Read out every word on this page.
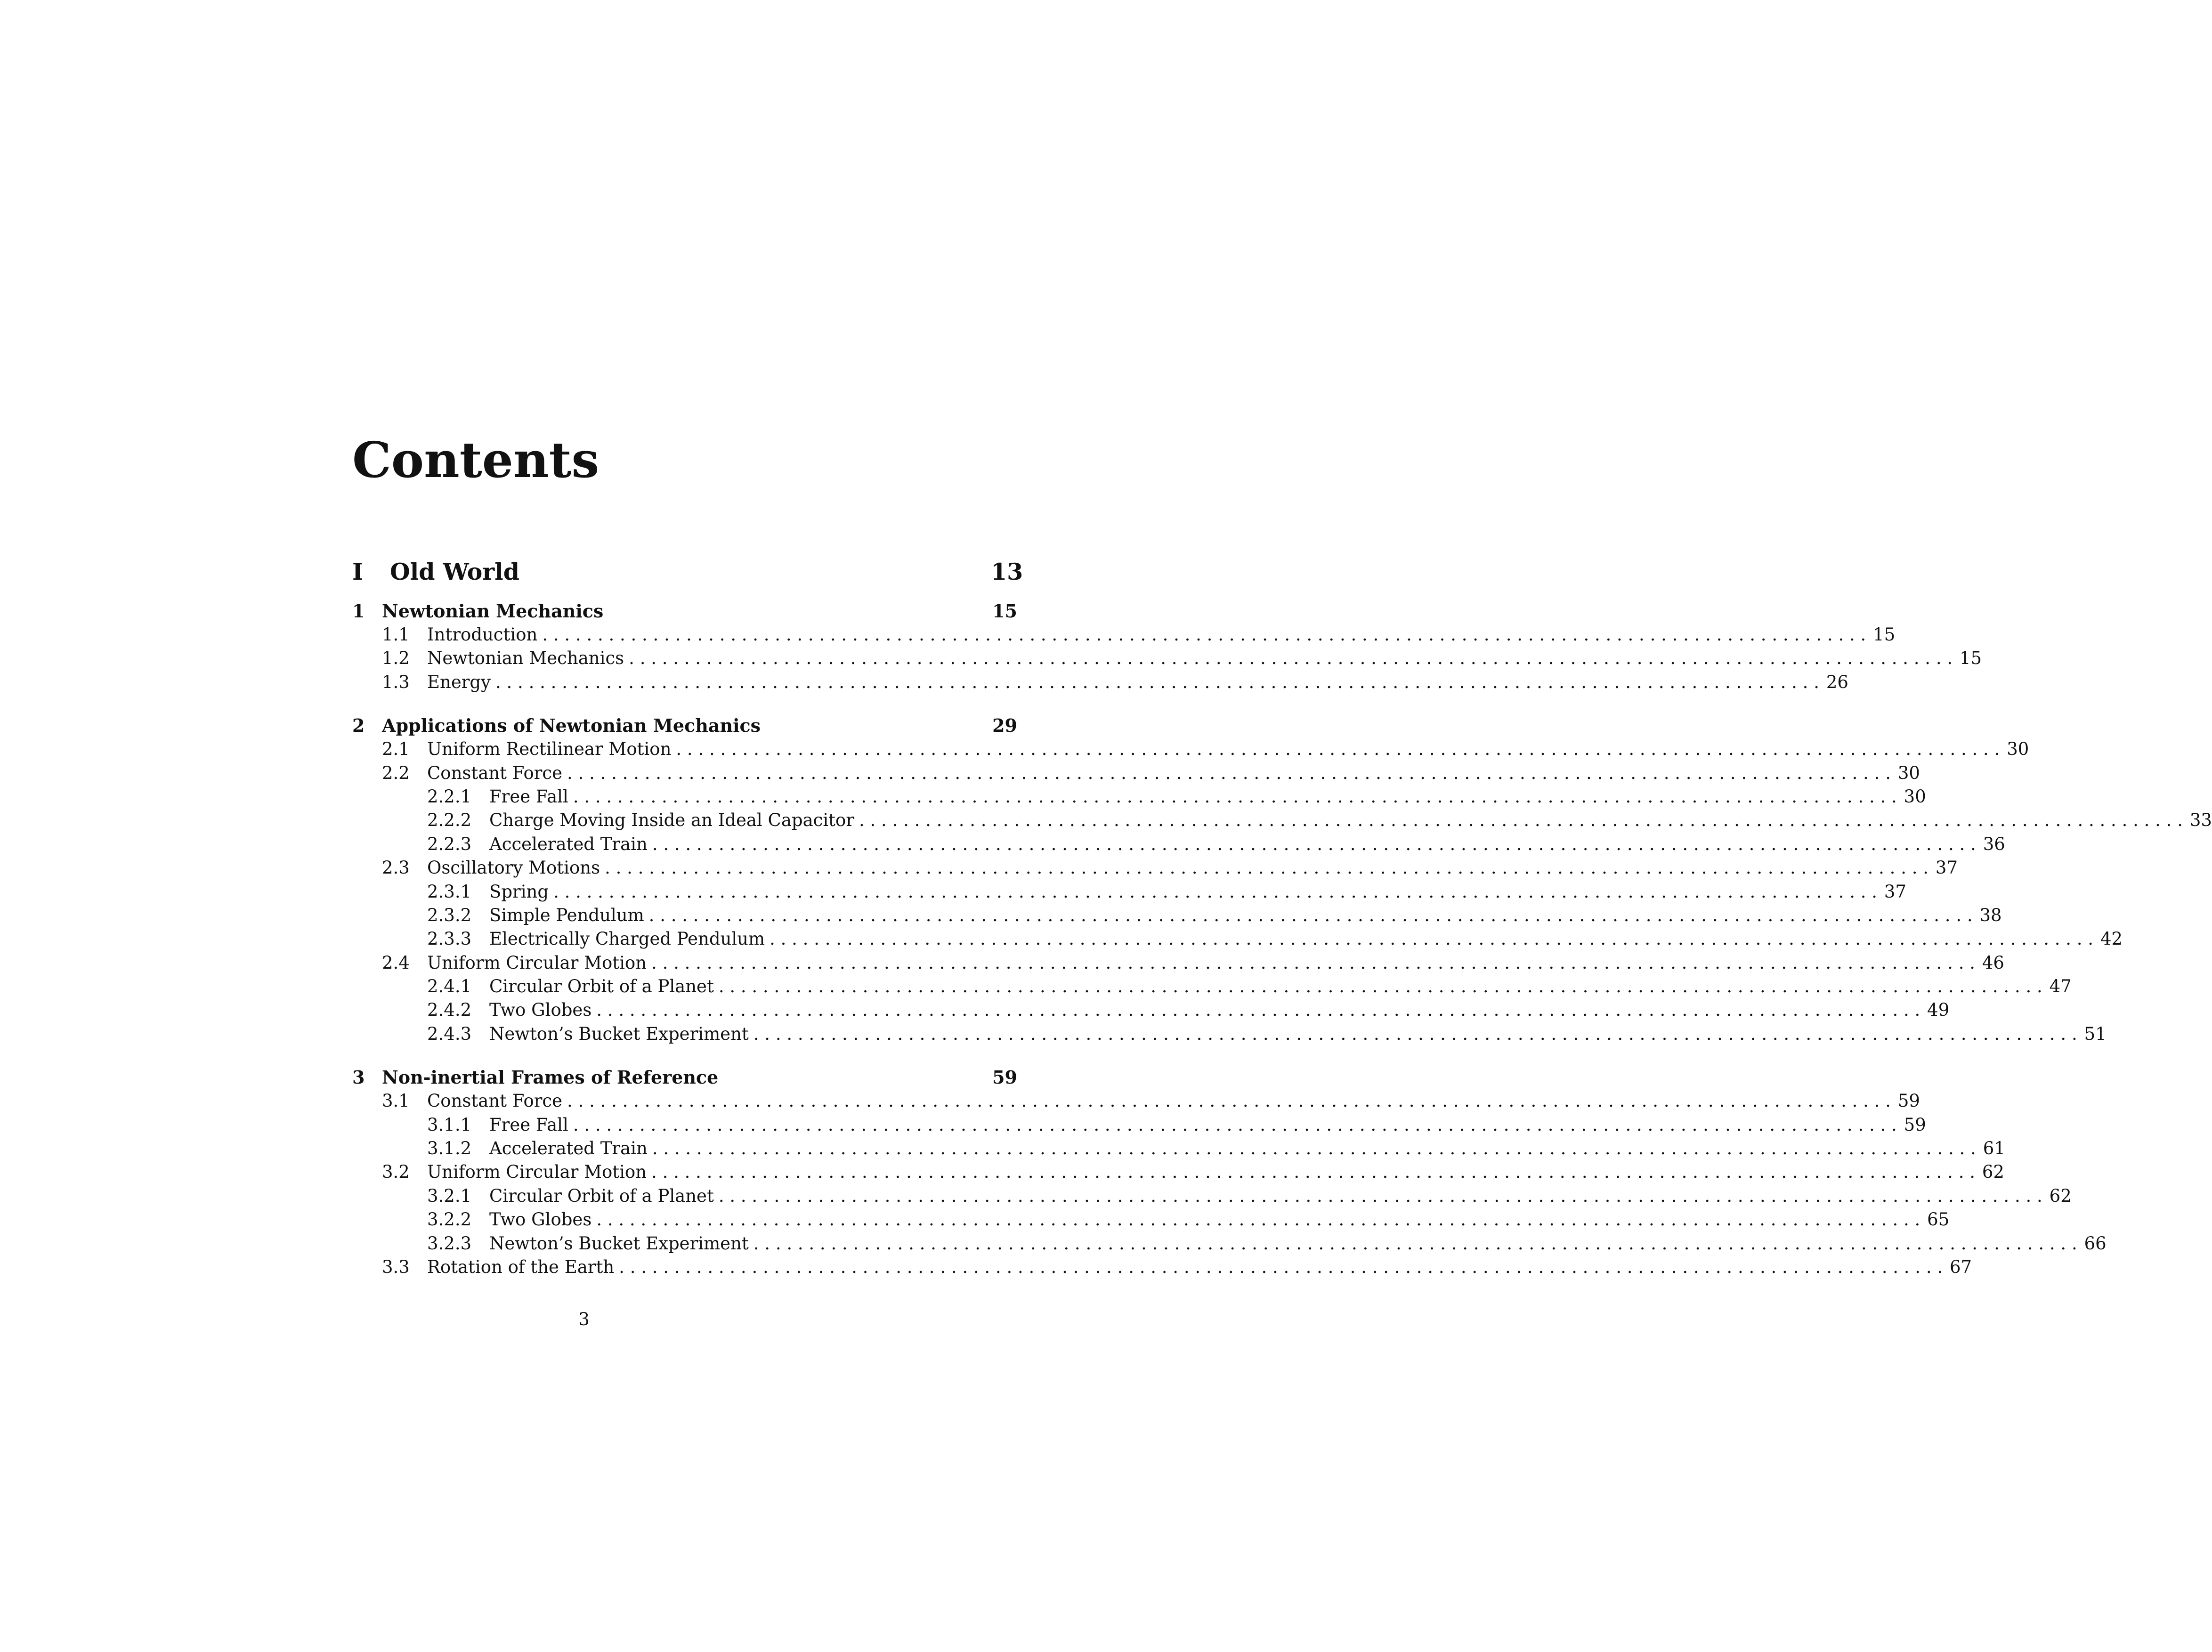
Contents
I	Old World	13
1 Newtonian Mechanics	15
1.1	Introduction . . . . . . . . . . . . . . . . . . . . . . . . . . . . . . . . . . . . . . . . . . . . . . . . . . . . . . . . . . . . . . . . . . . . . . . . . . . . . . . . . . . . . . . . . . . . . . . . . . . . . . . . . . . . . . . . . . . . . . . . 15
1.2	Newtonian Mechanics . . . . . . . . . . . . . . . . . . . . . . . . . . . . . . . . . . . . . . . . . . . . . . . . . . . . . . . . . . . . . . . . . . . . . . . . . . . . . . . . . . . . . . . . . . . . . . . . . . . . . . . . . . . . . . . . . . . . . . . . 15
1.3	Energy . . . . . . . . . . . . . . . . . . . . . . . . . . . . . . . . . . . . . . . . . . . . . . . . . . . . . . . . . . . . . . . . . . . . . . . . . . . . . . . . . . . . . . . . . . . . . . . . . . . . . . . . . . . . . . . . . . . . . . . . 26
2 Applications of Newtonian Mechanics	29
2.1	Uniform Rectilinear Motion . . . . . . . . . . . . . . . . . . . . . . . . . . . . . . . . . . . . . . . . . . . . . . . . . . . . . . . . . . . . . . . . . . . . . . . . . . . . . . . . . . . . . . . . . . . . . . . . . . . . . . . . . . . . . . . . . . . . . . . . 30
2.2	Constant Force . . . . . . . . . . . . . . . . . . . . . . . . . . . . . . . . . . . . . . . . . . . . . . . . . . . . . . . . . . . . . . . . . . . . . . . . . . . . . . . . . . . . . . . . . . . . . . . . . . . . . . . . . . . . . . . . . . . . . . . . 30
2.2.1	Free Fall . . . . . . . . . . . . . . . . . . . . . . . . . . . . . . . . . . . . . . . . . . . . . . . . . . . . . . . . . . . . . . . . . . . . . . . . . . . . . . . . . . . . . . . . . . . . . . . . . . . . . . . . . . . . . . . . . . . . . . . . 30
2.2.2	Charge Moving Inside an Ideal Capacitor . . . . . . . . . . . . . . . . . . . . . . . . . . . . . . . . . . . . . . . . . . . . . . . . . . . . . . . . . . . . . . . . . . . . . . . . . . . . . . . . . . . . . . . . . . . . . . . . . . . . . . . . . . . . . . . . . . . . . . . . 33
2.2.3	Accelerated Train . . . . . . . . . . . . . . . . . . . . . . . . . . . . . . . . . . . . . . . . . . . . . . . . . . . . . . . . . . . . . . . . . . . . . . . . . . . . . . . . . . . . . . . . . . . . . . . . . . . . . . . . . . . . . . . . . . . . . . . . 36
2.3	Oscillatory Motions . . . . . . . . . . . . . . . . . . . . . . . . . . . . . . . . . . . . . . . . . . . . . . . . . . . . . . . . . . . . . . . . . . . . . . . . . . . . . . . . . . . . . . . . . . . . . . . . . . . . . . . . . . . . . . . . . . . . . . . . 37
2.3.1	Spring . . . . . . . . . . . . . . . . . . . . . . . . . . . . . . . . . . . . . . . . . . . . . . . . . . . . . . . . . . . . . . . . . . . . . . . . . . . . . . . . . . . . . . . . . . . . . . . . . . . . . . . . . . . . . . . . . . . . . . . . 37
2.3.2	Simple Pendulum . . . . . . . . . . . . . . . . . . . . . . . . . . . . . . . . . . . . . . . . . . . . . . . . . . . . . . . . . . . . . . . . . . . . . . . . . . . . . . . . . . . . . . . . . . . . . . . . . . . . . . . . . . . . . . . . . . . . . . . . 38
2.3.3	Electrically Charged Pendulum . . . . . . . . . . . . . . . . . . . . . . . . . . . . . . . . . . . . . . . . . . . . . . . . . . . . . . . . . . . . . . . . . . . . . . . . . . . . . . . . . . . . . . . . . . . . . . . . . . . . . . . . . . . . . . . . . . . . . . . . 42
2.4	Uniform Circular Motion . . . . . . . . . . . . . . . . . . . . . . . . . . . . . . . . . . . . . . . . . . . . . . . . . . . . . . . . . . . . . . . . . . . . . . . . . . . . . . . . . . . . . . . . . . . . . . . . . . . . . . . . . . . . . . . . . . . . . . . . 46
2.4.1	Circular Orbit of a Planet . . . . . . . . . . . . . . . . . . . . . . . . . . . . . . . . . . . . . . . . . . . . . . . . . . . . . . . . . . . . . . . . . . . . . . . . . . . . . . . . . . . . . . . . . . . . . . . . . . . . . . . . . . . . . . . . . . . . . . . . 47
2.4.2	Two Globes . . . . . . . . . . . . . . . . . . . . . . . . . . . . . . . . . . . . . . . . . . . . . . . . . . . . . . . . . . . . . . . . . . . . . . . . . . . . . . . . . . . . . . . . . . . . . . . . . . . . . . . . . . . . . . . . . . . . . . . . 49
2.4.3	Newton’s Bucket Experiment . . . . . . . . . . . . . . . . . . . . . . . . . . . . . . . . . . . . . . . . . . . . . . . . . . . . . . . . . . . . . . . . . . . . . . . . . . . . . . . . . . . . . . . . . . . . . . . . . . . . . . . . . . . . . . . . . . . . . . . . 51
3 Non-inertial Frames of Reference	59
3.1	Constant Force . . . . . . . . . . . . . . . . . . . . . . . . . . . . . . . . . . . . . . . . . . . . . . . . . . . . . . . . . . . . . . . . . . . . . . . . . . . . . . . . . . . . . . . . . . . . . . . . . . . . . . . . . . . . . . . . . . . . . . . . 59
3.1.1	Free Fall . . . . . . . . . . . . . . . . . . . . . . . . . . . . . . . . . . . . . . . . . . . . . . . . . . . . . . . . . . . . . . . . . . . . . . . . . . . . . . . . . . . . . . . . . . . . . . . . . . . . . . . . . . . . . . . . . . . . . . . . 59
3.1.2	Accelerated Train . . . . . . . . . . . . . . . . . . . . . . . . . . . . . . . . . . . . . . . . . . . . . . . . . . . . . . . . . . . . . . . . . . . . . . . . . . . . . . . . . . . . . . . . . . . . . . . . . . . . . . . . . . . . . . . . . . . . . . . . 61
3.2	Uniform Circular Motion . . . . . . . . . . . . . . . . . . . . . . . . . . . . . . . . . . . . . . . . . . . . . . . . . . . . . . . . . . . . . . . . . . . . . . . . . . . . . . . . . . . . . . . . . . . . . . . . . . . . . . . . . . . . . . . . . . . . . . . . 62
3.2.1	Circular Orbit of a Planet . . . . . . . . . . . . . . . . . . . . . . . . . . . . . . . . . . . . . . . . . . . . . . . . . . . . . . . . . . . . . . . . . . . . . . . . . . . . . . . . . . . . . . . . . . . . . . . . . . . . . . . . . . . . . . . . . . . . . . . . 62
3.2.2	Two Globes . . . . . . . . . . . . . . . . . . . . . . . . . . . . . . . . . . . . . . . . . . . . . . . . . . . . . . . . . . . . . . . . . . . . . . . . . . . . . . . . . . . . . . . . . . . . . . . . . . . . . . . . . . . . . . . . . . . . . . . . 65
3.2.3	Newton’s Bucket Experiment . . . . . . . . . . . . . . . . . . . . . . . . . . . . . . . . . . . . . . . . . . . . . . . . . . . . . . . . . . . . . . . . . . . . . . . . . . . . . . . . . . . . . . . . . . . . . . . . . . . . . . . . . . . . . . . . . . . . . . . . 66
3.3	Rotation of the Earth . . . . . . . . . . . . . . . . . . . . . . . . . . . . . . . . . . . . . . . . . . . . . . . . . . . . . . . . . . . . . . . . . . . . . . . . . . . . . . . . . . . . . . . . . . . . . . . . . . . . . . . . . . . . . . . . . . . . . . . . 67
3
